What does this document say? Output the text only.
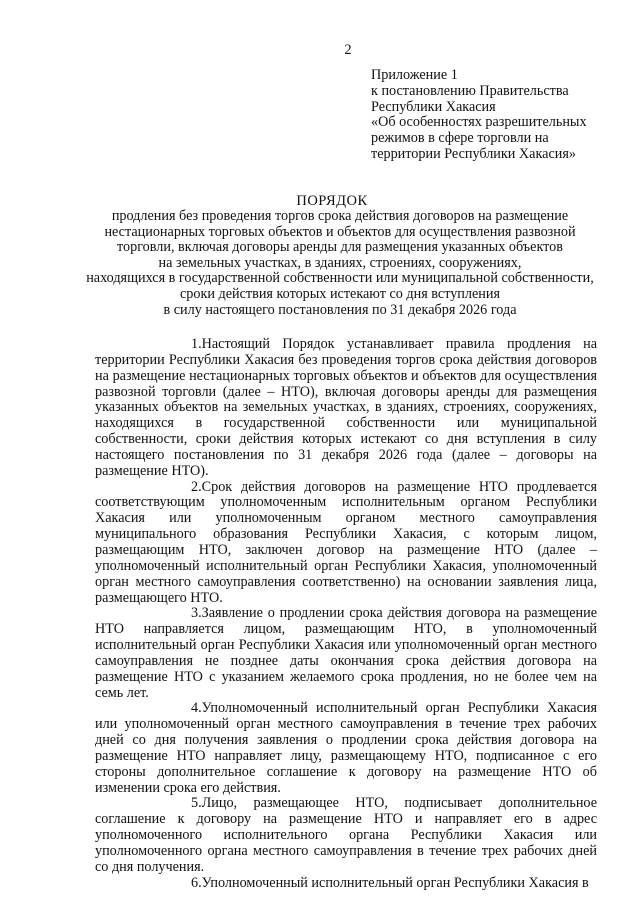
2
Приложение 1
к постановлению Правительства
Республики Хакасия
«Об особенностях разрешительных
режимов в сфере торговли на
территории Республики Хакасия»
ПОРЯДОК
продления без проведения торгов срока действия договоров на размещение
нестационарных торговых объектов и объектов для осуществления развозной
торговли, включая договоры аренды для размещения указанных объектов
на земельных участках, в зданиях, строениях, сооружениях,
находящихся в государственной собственности или муниципальной собственности,
сроки действия которых истекают со дня вступления
в силу настоящего постановления по 31 декабря 2026 года

1.Настоящий Порядок устанавливает правила продления на территории Республики Хакасия без проведения торгов срока действия договоров на размещение нестационарных торговых объектов и объектов для осуществления развозной торговли (далее – НТО), включая договоры аренды для размещения указанных объектов на земельных участках, в зданиях, строениях, сооружениях, находящихся в государственной собственности или муниципальной собственности, сроки действия которых истекают со дня вступления в силу настоящего постановления по 31 декабря 2026 года (далее – договоры на размещение НТО).

2.Срок действия договоров на размещение НТО продлевается соответствующим уполномоченным исполнительным органом Республики Хакасия или уполномоченным органом местного самоуправления муниципального образования Республики Хакасия, с которым лицом, размещающим НТО, заключен договор на размещение НТО (далее – уполномоченный исполнительный орган Республики Хакасия, уполномоченный орган местного самоуправления соответственно) на основании заявления лица, размещающего НТО.

3.Заявление о продлении срока действия договора на размещение НТО направляется лицом, размещающим НТО, в уполномоченный исполнительный орган Республики Хакасия или уполномоченный орган местного самоуправления не позднее даты окончания срока действия договора на размещение НТО с указанием желаемого срока продления, но не более чем на семь лет.

4.Уполномоченный исполнительный орган Республики Хакасия или уполномоченный орган местного самоуправления в течение трех рабочих дней со дня получения заявления о продлении срока действия договора на размещение НТО направляет лицу, размещающему НТО, подписанное с его стороны дополнительное соглашение к договору на размещение НТО об изменении срока его действия.

5.Лицо, размещающее НТО, подписывает дополнительное соглашение к договору на размещение НТО и направляет его в адрес уполномоченного исполнительного органа Республики Хакасия или уполномоченного органа местного самоуправления в течение трех рабочих дней со дня получения.

6.Уполномоченный исполнительный орган Республики Хакасия в
